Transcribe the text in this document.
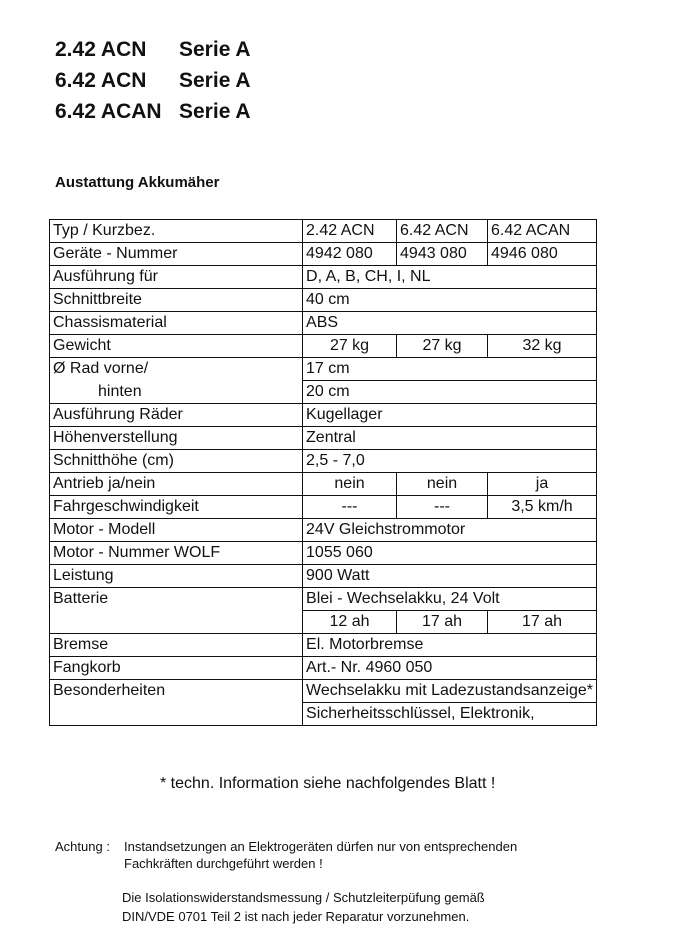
2.42 ACN	Serie A
6.42 ACN	Serie A
6.42 ACAN Serie A
Austattung Akkumäher
Typ / Kurzbez.	2.42 ACN	6.42 ACN	6.42 ACAN
Geräte - Nummer	4942 080	4943 080	4946 080
Ausführung für	D, A, B, CH, I, NL		
Schnittbreite	40 cm		
Chassismaterial	ABS		
Gewicht	27 kg	27 kg	32 kg
Ø Rad vorne/	17 cm		
hinten	20 cm		
Ausführung Räder	Kugellager		
Höhenverstellung	Zentral		
Schnitthöhe (cm)	2,5 - 7,0		
Antrieb ja/nein	nein	nein	ja
Fahrgeschwindigkeit	---	---	3,5 km/h
Motor - Modell	24V Gleichstrommotor		
Motor - Nummer WOLF	1055 060		
Leistung	900 Watt		
Batterie	Blei - Wechselakku, 24 Volt		
	12 ah	17 ah	17 ah
Bremse	El. Motorbremse		
Fangkorb	Art.- Nr. 4960 050		
Besonderheiten	Wechselakku mit Ladezustandsanzeige*		
	Sicherheitsschlüssel, Elektronik,		
* techn. Information siehe nachfolgendes Blatt !
Achtung :	Instandsetzungen an Elektrogeräten dürfen nur von entsprechenden
Fachkräften durchgeführt werden !
Die Isolationswiderstandsmessung / Schutzleiterpüfung gemäß
DIN/VDE 0701 Teil 2 ist nach jeder Reparatur vorzunehmen.
